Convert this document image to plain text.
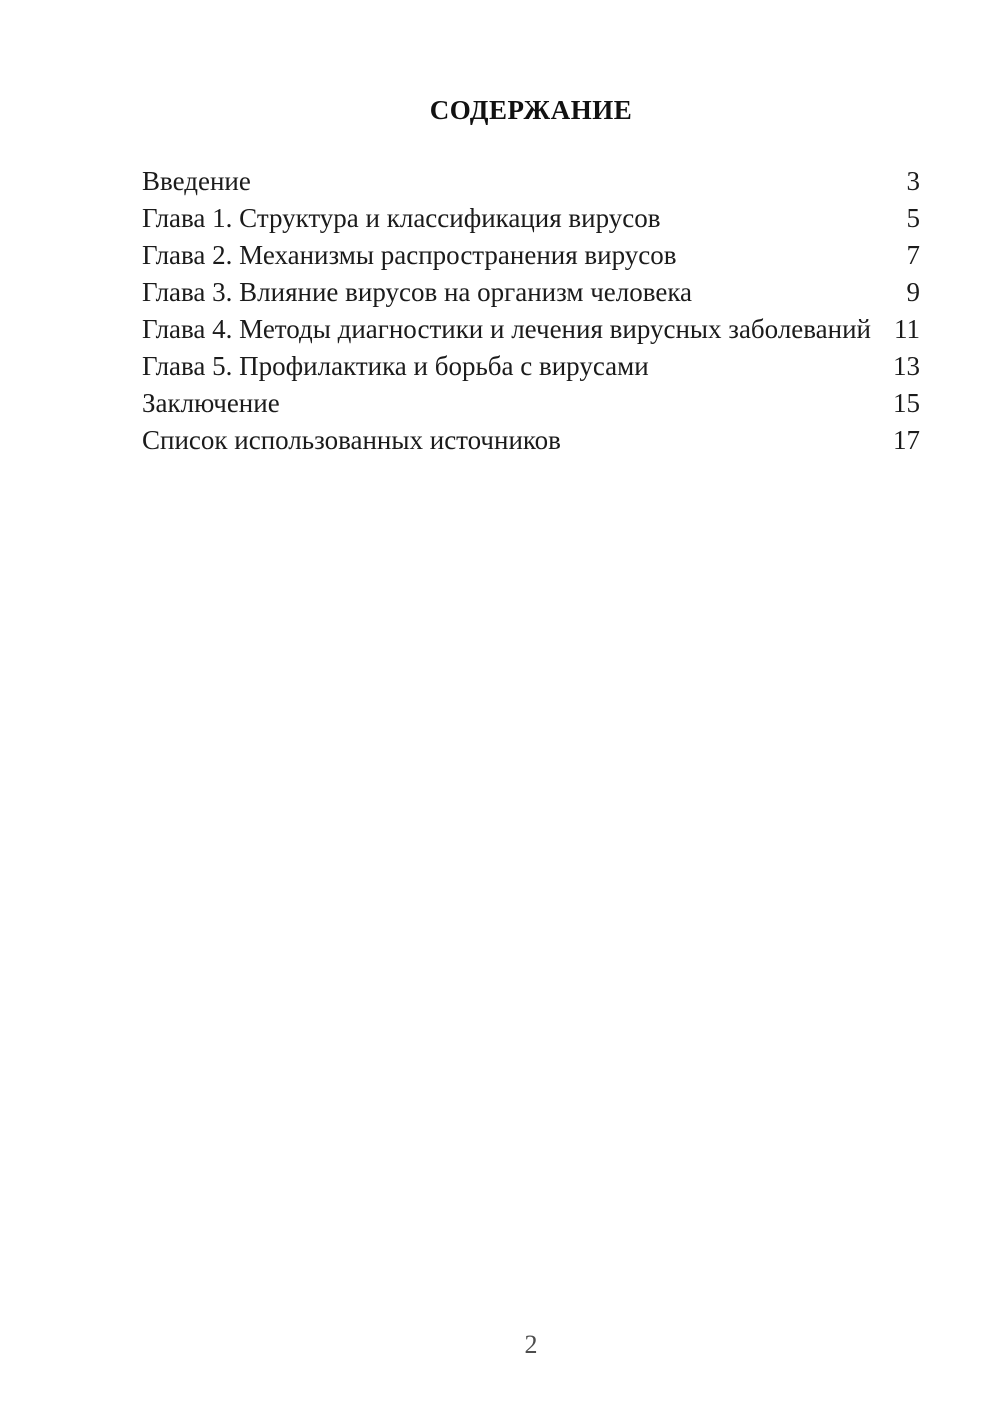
СОДЕРЖАНИЕ
Введение	3
Глава 1. Структура и классификация вирусов	5
Глава 2. Механизмы распространения вирусов	7
Глава 3. Влияние вирусов на организм человека	9
Глава 4. Методы диагностики и лечения вирусных заболеваний 11
Глава 5. Профилактика и борьба с вирусами	13
Заключение	15
Список использованных источников	17
2
